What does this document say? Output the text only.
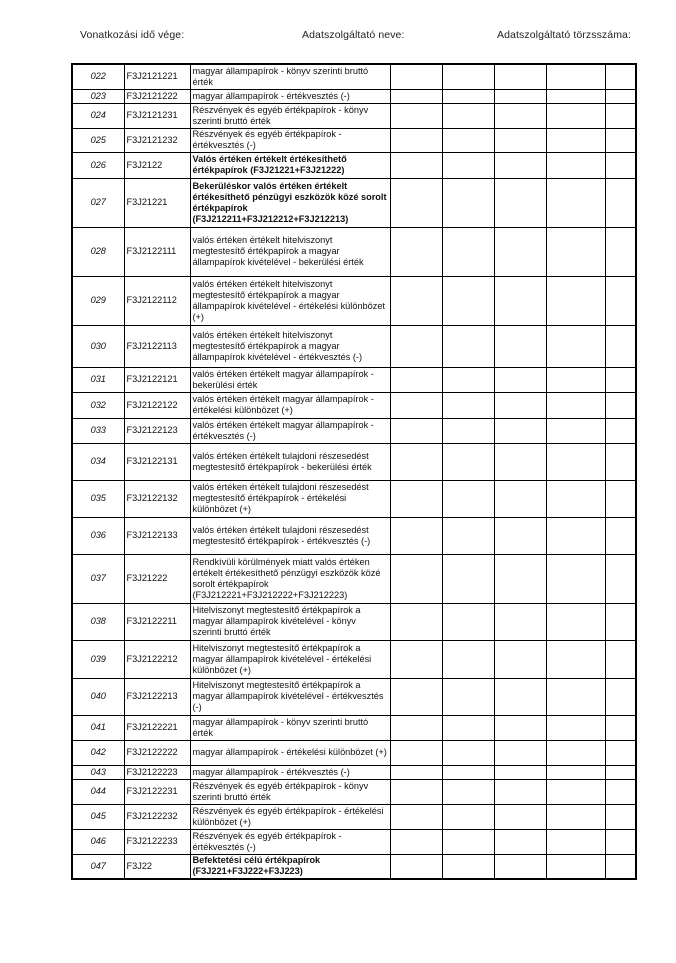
Vonatkozási idő vége:	Adatszolgáltató neve:	Adatszolgáltató törzsszáma:
022	F3J2121221	magyar állampapírok - könyv szerinti bruttó érték					
023	F3J2121222	magyar állampapírok - értékvesztés (-)					
024	F3J2121231	Részvények és egyéb értékpapírok - könyv szerinti bruttó érték					
025	F3J2121232	Részvények és egyéb értékpapírok - értékvesztés (-)					
026	F3J2122	Valós értéken értékelt értékesíthető értékpapírok (F3J21221+F3J21222)					
027	F3J21221	Bekerüléskor valós értéken értékelt értékesíthető pénzügyi eszközök közé sorolt értékpapírok (F3J212211+F3J212212+F3J212213)					
028	F3J2122111	valós értéken értékelt hitelviszonyt megtestesítő értékpapírok a magyar állampapírok kivételével - bekerülési érték					
029	F3J2122112	valós értéken értékelt hitelviszonyt megtestesítő értékpapírok a magyar állampapírok kivételével - értékelési különbözet (+)					
030	F3J2122113	valós értéken értékelt hitelviszonyt megtestesítő értékpapírok a magyar állampapírok kivételével - értékvesztés (-)					
031	F3J2122121	valós értéken értékelt magyar állampapírok - bekerülési érték					
032	F3J2122122	valós értéken értékelt magyar állampapírok - értékelési különbözet (+)					
033	F3J2122123	valós értéken értékelt magyar állampapírok - értékvesztés (-)					
034	F3J2122131	valós értéken értékelt tulajdoni részesedést megtestesítő értékpapírok - bekerülési érték					
035	F3J2122132	valós értéken értékelt tulajdoni részesedést megtestesítő értékpapírok - értékelési különbözet (+)					
036	F3J2122133	valós értéken értékelt tulajdoni részesedést megtestesítő értékpapírok - értékvesztés (-)					
037	F3J21222	Rendkívüli körülmények miatt valós értéken értékelt értékesíthető pénzügyi eszközök közé sorolt értékpapírok (F3J212221+F3J212222+F3J212223)					
038	F3J2122211	Hitelviszonyt megtestesítő értékpapírok a magyar állampapírok kivételével - könyv szerinti bruttó érték					
039	F3J2122212	Hitelviszonyt megtestesítő értékpapírok a magyar állampapírok kivételével - értékelési különbözet (+)					
040	F3J2122213	Hitelviszonyt megtestesítő értékpapírok a magyar állampapírok kivételével - értékvesztés (-)					
041	F3J2122221	magyar állampapírok - könyv szerinti bruttó érték					
042	F3J2122222	magyar állampapírok - értékelési különbözet (+)					
043	F3J2122223	magyar állampapírok - értékvesztés (-)					
044	F3J2122231	Részvények és egyéb értékpapírok - könyv szerinti bruttó érték					
045	F3J2122232	Részvények és egyéb értékpapírok - értékelési különbözet (+)					
046	F3J2122233	Részvények és egyéb értékpapírok - értékvesztés (-)					
047	F3J22	Befektetési célú értékpapírok (F3J221+F3J222+F3J223)					
